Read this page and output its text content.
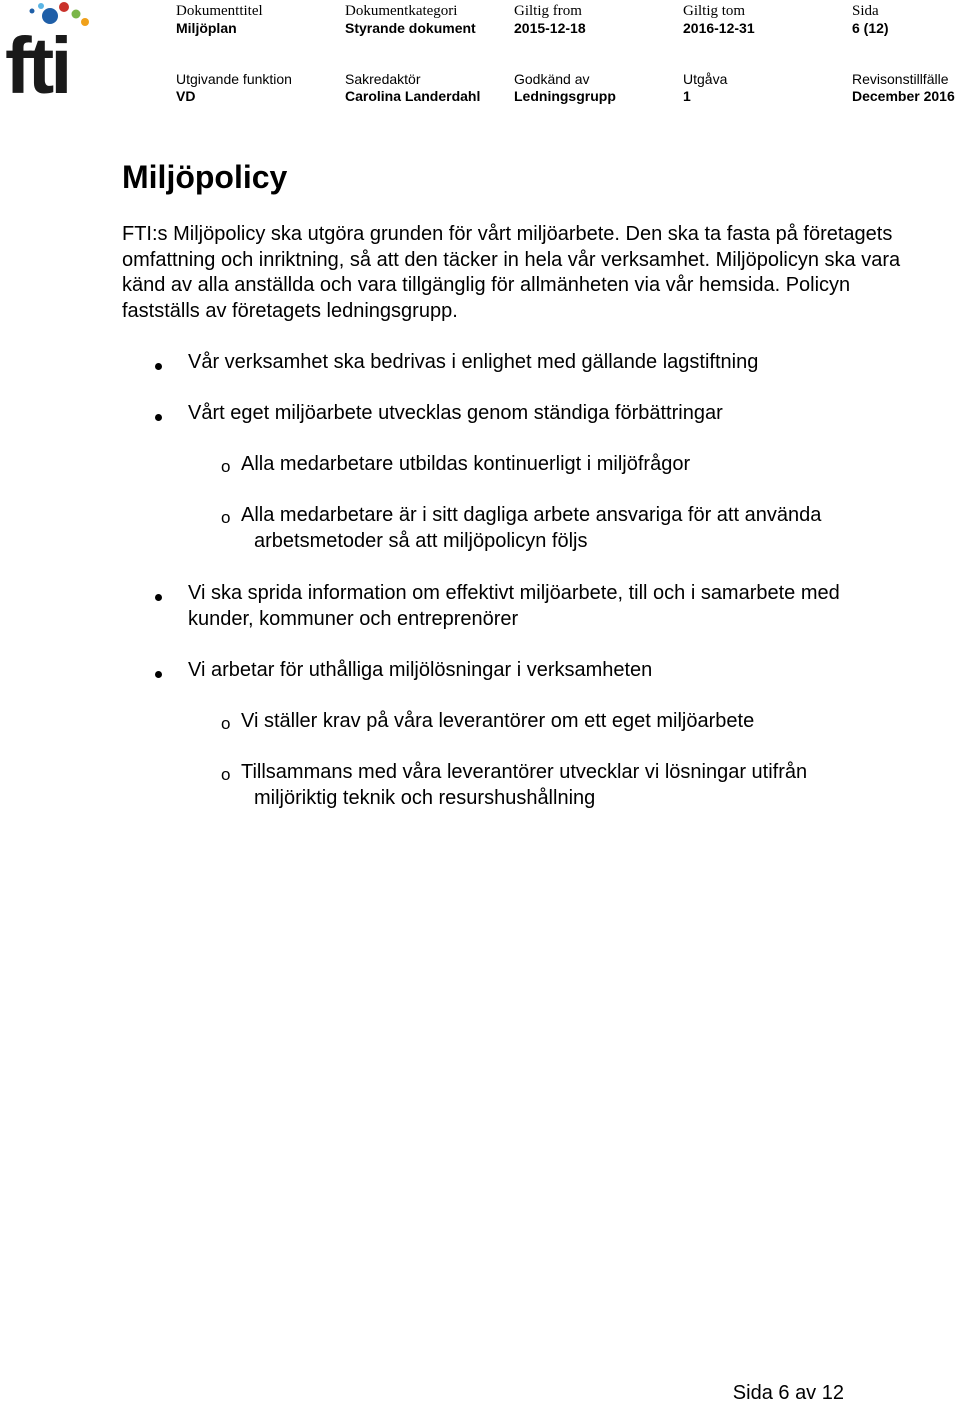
fti
Dokumenttitel
Miljöplan
Dokumentkategori
Styrande dokument
Giltig from
2015-12-18
Giltig tom
2016-12-31
Sida
6 (12)
Utgivande funktion
VD
Sakredaktör
Carolina Landerdahl
Godkänd av
Ledningsgrupp
Utgåva
1
Revisonstillfälle
December 2016
Miljöpolicy

FTI:s Miljöpolicy ska utgöra grunden för vårt miljöarbete. Den ska ta fasta på företagets omfattning och inriktning, så att den täcker in hela vår verksamhet. Miljöpolicyn ska vara känd av alla anställda och vara tillgänglig för allmänheten via vår hemsida. Policyn fastställs av företagets ledningsgrupp.

Vår verksamhet ska bedrivas i enlighet med gällande lagstiftning
Vårt eget miljöarbete utvecklas genom ständiga förbättringar
o Alla medarbetare utbildas kontinuerligt i miljöfrågor
o Alla medarbetare är i sitt dagliga arbete ansvariga för att använda
arbetsmetoder så att miljöpolicyn följs
Vi ska sprida information om effektivt miljöarbete, till och i samarbete med kunder, kommuner och entreprenörer
Vi arbetar för uthålliga miljölösningar i verksamheten
o Vi ställer krav på våra leverantörer om ett eget miljöarbete
o Tillsammans med våra leverantörer utvecklar vi lösningar utifrån
miljöriktig teknik och resurshushållning
Sida 6 av 12
